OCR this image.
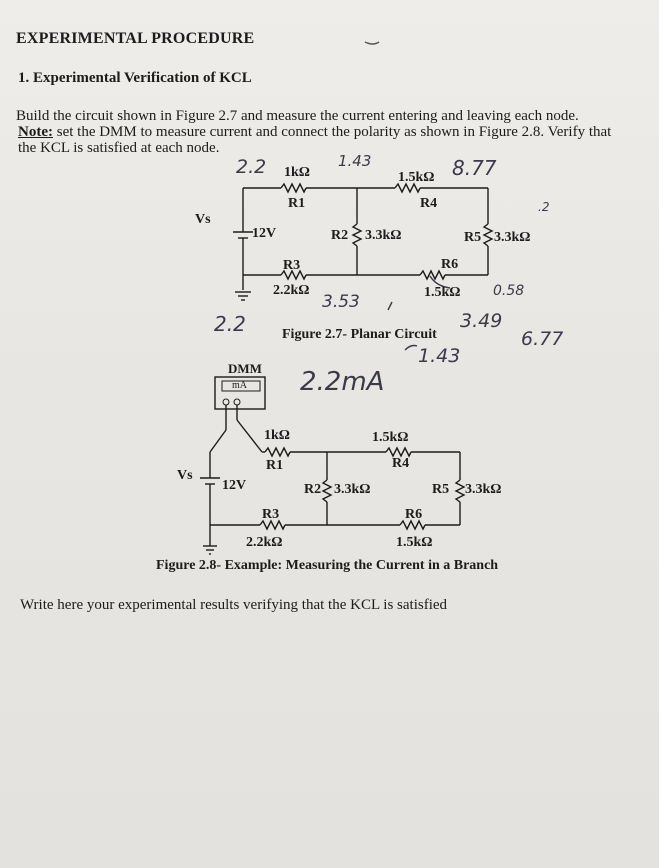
EXPERIMENTAL PROCEDURE
1. Experimental Verification of KCL
Build the circuit shown in Figure 2.7 and measure the current entering and leaving each node.
Note: set the DMM to measure current and connect the polarity as shown in Figure 2.8. Verify that
the KCL is satisfied at each node.
Vs
12V
1kΩ
R1
1.5kΩ
R4
R2 3.3kΩ	R5 3.3kΩ
R3
2.2kΩ
R6
1.5kΩ
Figure 2.7- Planar Circuit
DMM
mA
Vs
12V
1kΩ
R1
1.5kΩ
R4
R2 3.3kΩ	R5 3.3kΩ
R3
2.2kΩ
R6
1.5kΩ
Figure 2.8- Example: Measuring the Current in a Branch
Write here your experimental results verifying that the KCL is satisfied
2.2	1.43	8.77
.2
2.2
3.53
0.58
3.49
6.77
1.43
2.2mA
